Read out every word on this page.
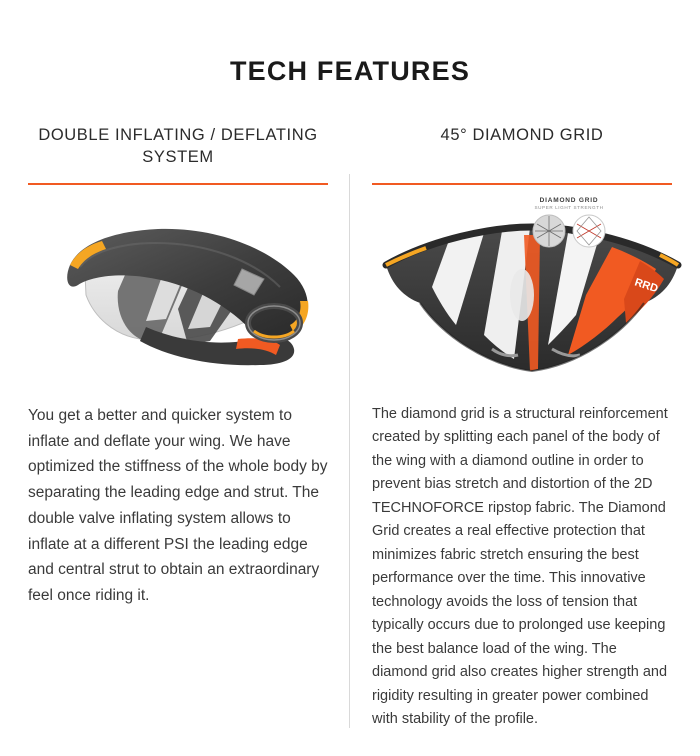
TECH FEATURES
DOUBLE INFLATING / DEFLATING SYSTEM
You get a better and quicker system to inflate and deflate your wing. We have optimized the stiffness of the whole body by separating the leading edge and strut. The double valve inflating system allows to inflate at a different PSI the leading edge and central strut to obtain an extraordinary feel once riding it.
45° DIAMOND GRID
RRD
DIAMOND GRID
SUPER LIGHT STRENGTH
The diamond grid is a structural reinforcement created by splitting each panel of the body of the wing with a diamond outline in order to prevent bias stretch and distortion of the 2D TECHNOFORCE ripstop fabric. The Diamond Grid creates a real effective protection that minimizes fabric stretch ensuring the best performance over the time. This innovative technology avoids the loss of tension that typically occurs due to prolonged use keeping the best balance load of the wing. The diamond grid also creates higher strength and rigidity resulting in greater power combined with stability of the profile.
